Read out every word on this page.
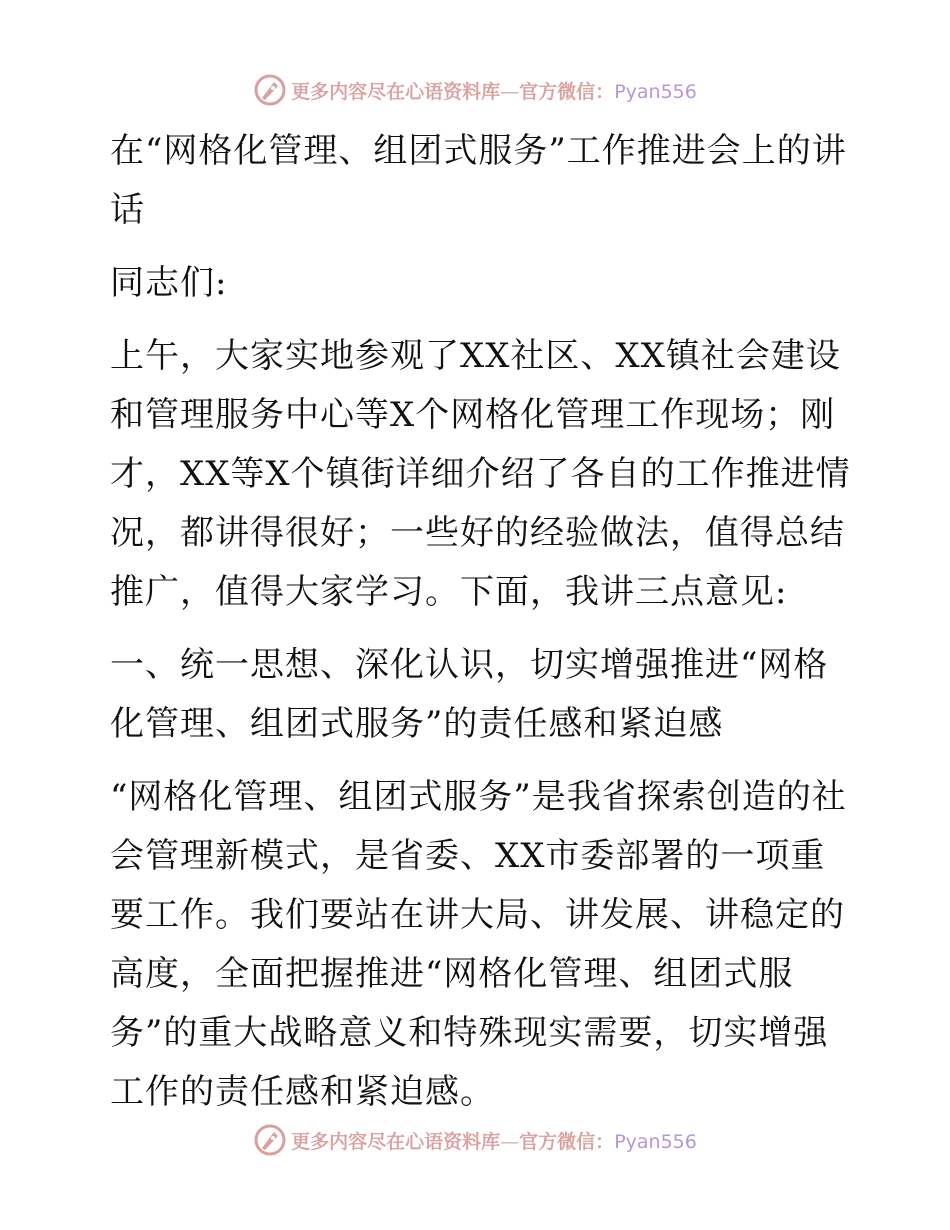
更多内容尽在心语资料库—官方微信：Pyan556

在“网格化管理、组团式服务”工作推进会上的讲话

同志们:

上午，大家实地参观了XX社区、XX镇社会建设和管理服务中心等X个网格化管理工作现场；刚才，XX等X个镇街详细介绍了各自的工作推进情况，都讲得很好；一些好的经验做法，值得总结推广，值得大家学习。下面，我讲三点意见:

一、统一思想、深化认识，切实增强推进“网格化管理、组团式服务”的责任感和紧迫感

“网格化管理、组团式服务”是我省探索创造的社会管理新模式，是省委、XX市委部署的一项重要工作。我们要站在讲大局、讲发展、讲稳定的高度，全面把握推进“网格化管理、组团式服务”的重大战略意义和特殊现实需要，切实增强工作的责任感和紧迫感。

更多内容尽在心语资料库—官方微信：Pyan556
